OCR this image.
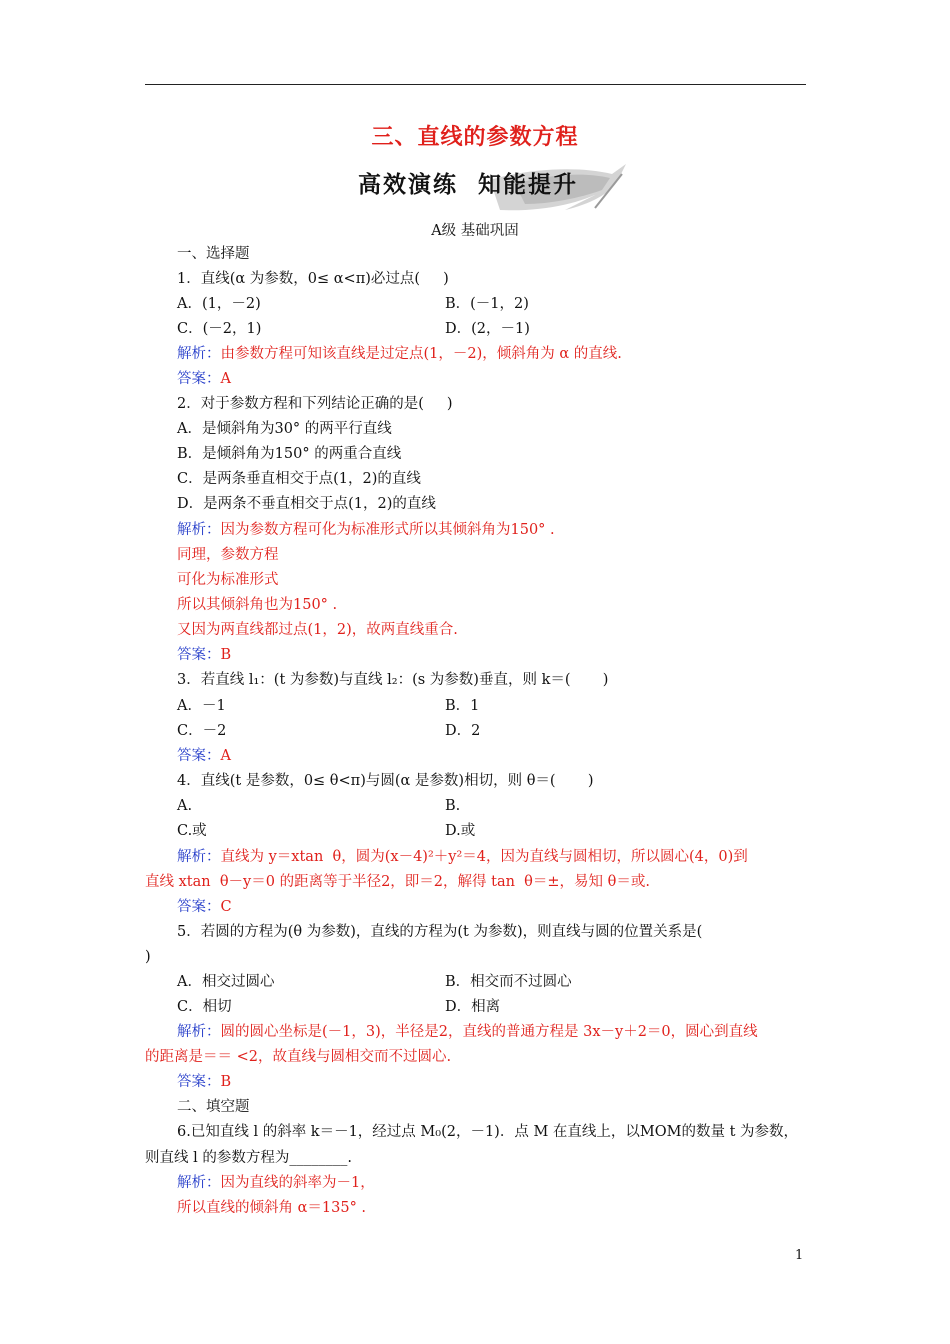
三、直线的参数方程
高效演练  知能提升
A级 基础巩固
一、选择题
1．直线(α 为参数，0≤ α<π)必过点(     )
A．(1，－2)	B．(－1，2)
C．(－2，1)	D．(2，－1)
解析：由参数方程可知该直线是过定点(1，－2)，倾斜角为 α 的直线.
答案：A
2．对于参数方程和下列结论正确的是(     )
A．是倾斜角为30° 的两平行直线
B．是倾斜角为150° 的两重合直线
C．是两条垂直相交于点(1，2)的直线
D．是两条不垂直相交于点(1，2)的直线
解析：因为参数方程可化为标准形式所以其倾斜角为150° .
同理，参数方程
可化为标准形式
所以其倾斜角也为150° .
又因为两直线都过点(1，2)，故两直线重合.
答案：B
3．若直线 l₁：(t 为参数)与直线 l₂：(s 为参数)垂直，则 k＝(       )
A．－1	B．1
C．－2	D．2
答案：A
4．直线(t 是参数，0≤ θ<π)与圆(α 是参数)相切，则 θ＝(       )
A.	B.
C.或	D.或
解析：直线为 y＝xtan  θ，圆为(x－4)²＋y²＝4，因为直线与圆相切，所以圆心(4，0)到
直线 xtan  θ－y＝0 的距离等于半径2，即＝2，解得 tan  θ＝±，易知 θ＝或.
答案：C
5．若圆的方程为(θ 为参数)，直线的方程为(t 为参数)，则直线与圆的位置关系是(
)
A．相交过圆心	B．相交而不过圆心
C．相切	D．相离
解析：圆的圆心坐标是(－1，3)，半径是2，直线的普通方程是 3x－y＋2＝0，圆心到直线
的距离是＝＝ <2，故直线与圆相交而不过圆心.
答案：B
二、填空题
6.已知直线 l 的斜率 k＝－1，经过点 M₀(2，－1)．点 M 在直线上，以MOM的数量 t 为参数，
则直线 l 的参数方程为________.
解析：因为直线的斜率为－1，
所以直线的倾斜角 α＝135° .
1
